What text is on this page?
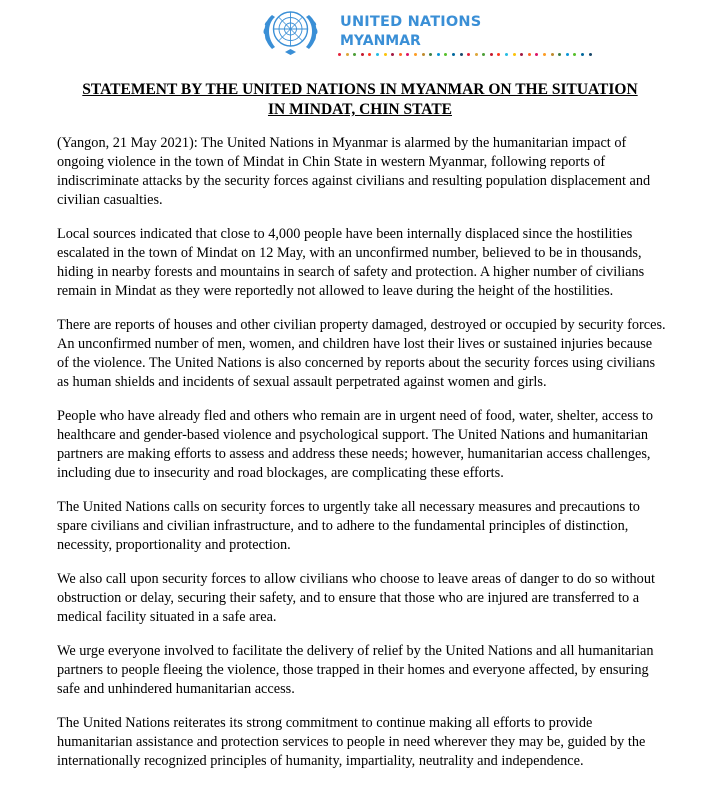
UNITED NATIONS
MYANMAR
STATEMENT BY THE UNITED NATIONS IN MYANMAR ON THE SITUATION
IN MINDAT, CHIN STATE

(Yangon, 21 May 2021): The United Nations in Myanmar is alarmed by the humanitarian impact of ongoing violence in the town of Mindat in Chin State in western Myanmar, following reports of indiscriminate attacks by the security forces against civilians and resulting population displacement and civilian casualties.

Local sources indicated that close to 4,000 people have been internally displaced since the hostilities escalated in the town of Mindat on 12 May, with an unconfirmed number, believed to be in thousands, hiding in nearby forests and mountains in search of safety and protection. A higher number of civilians remain in Mindat as they were reportedly not allowed to leave during the height of the hostilities.

There are reports of houses and other civilian property damaged, destroyed or occupied by security forces. An unconfirmed number of men, women, and children have lost their lives or sustained injuries because of the violence. The United Nations is also concerned by reports about the security forces using civilians as human shields and incidents of sexual assault perpetrated against women and girls.

People who have already fled and others who remain are in urgent need of food, water, shelter, access to healthcare and gender-based violence and psychological support. The United Nations and humanitarian partners are making efforts to assess and address these needs; however, humanitarian access challenges, including due to insecurity and road blockages, are complicating these efforts.

The United Nations calls on security forces to urgently take all necessary measures and precautions to spare civilians and civilian infrastructure, and to adhere to the fundamental principles of distinction, necessity, proportionality and protection.

We also call upon security forces to allow civilians who choose to leave areas of danger to do so without obstruction or delay, securing their safety, and to ensure that those who are injured are transferred to a medical facility situated in a safe area.

We urge everyone involved to facilitate the delivery of relief by the United Nations and all humanitarian partners to people fleeing the violence, those trapped in their homes and everyone affected, by ensuring safe and unhindered humanitarian access.

The United Nations reiterates its strong commitment to continue making all efforts to provide humanitarian assistance and protection services to people in need wherever they may be, guided by the internationally recognized principles of humanity, impartiality, neutrality and independence.
